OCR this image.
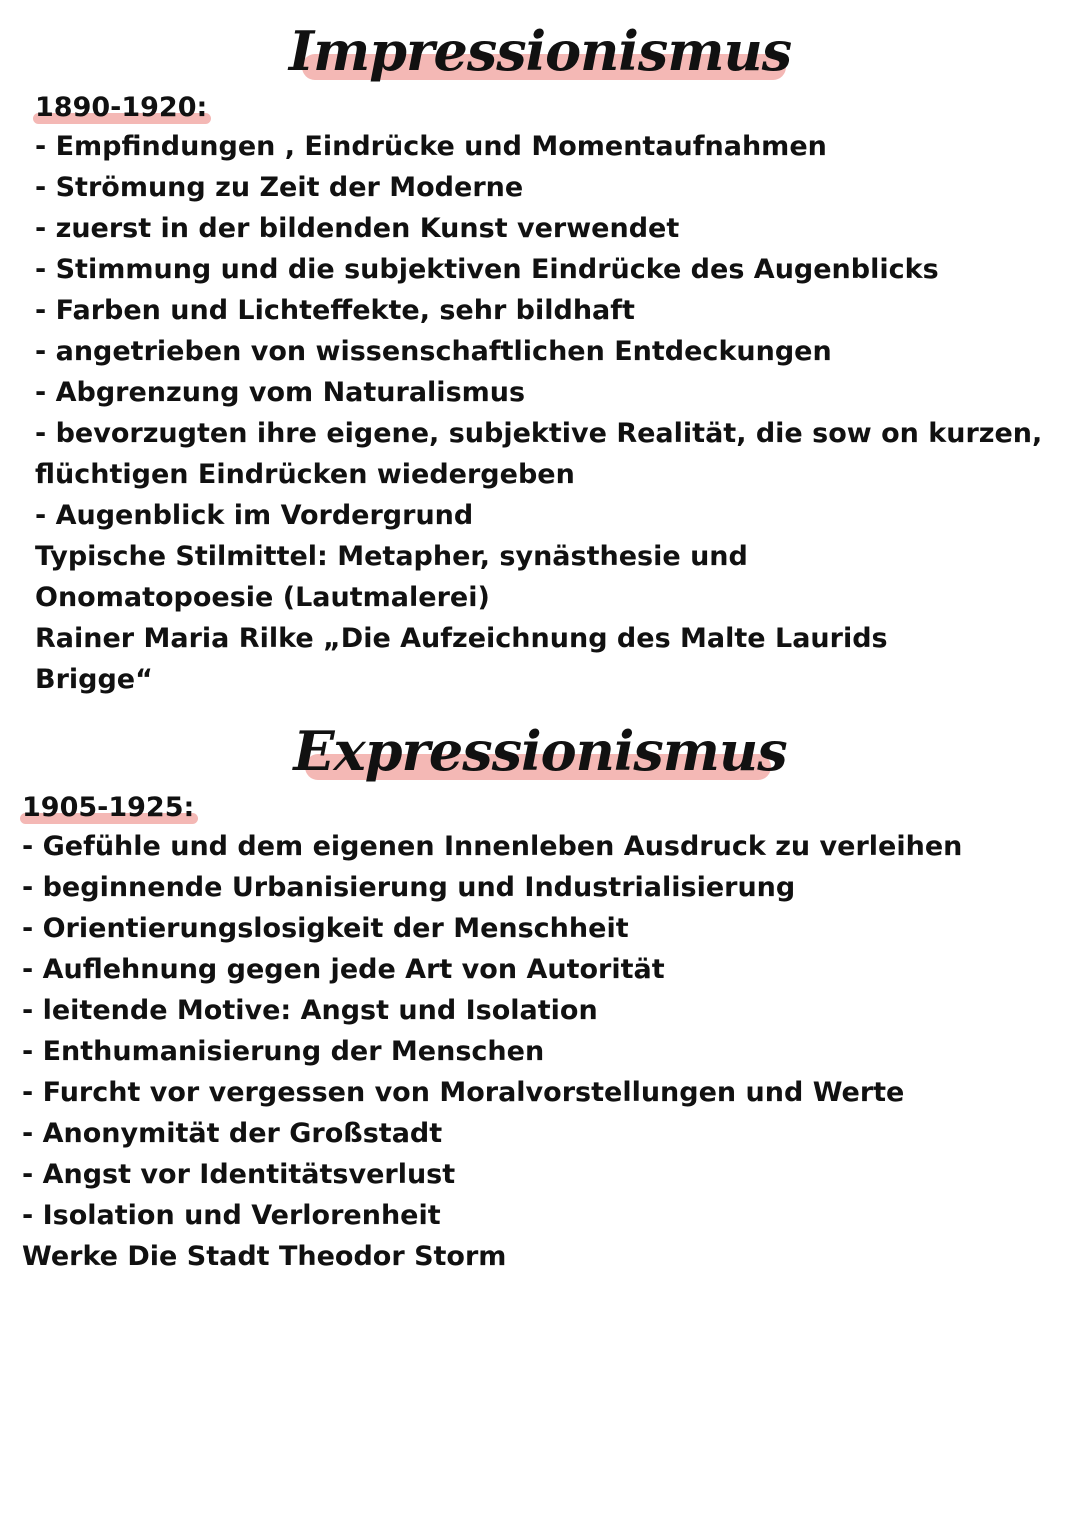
Impressionismus
1890-1920:
- Empfindungen , Eindrücke und Momentaufnahmen
- Strömung zu Zeit der Moderne
- zuerst in der bildenden Kunst verwendet
- Stimmung und die subjektiven Eindrücke des Augenblicks
- Farben und Lichteffekte, sehr bildhaft
- angetrieben von wissenschaftlichen Entdeckungen
- Abgrenzung vom Naturalismus
- bevorzugten ihre eigene, subjektive Realität, die sow on kurzen, flüchtigen Eindrücken wiedergeben
- Augenblick im Vordergrund
Typische Stilmittel: Metapher, synästhesie und Onomatopoesie (Lautmalerei)
Rainer Maria Rilke „Die Aufzeichnung des Malte Laurids Brigge“
Expressionismus
1905-1925:
- Gefühle und dem eigenen Innenleben Ausdruck zu verleihen
- beginnende Urbanisierung und Industrialisierung
- Orientierungslosigkeit der Menschheit
- Auflehnung gegen jede Art von Autorität
- leitende Motive: Angst und Isolation
- Enthumanisierung der Menschen
- Furcht vor vergessen von Moralvorstellungen und Werte
- Anonymität der Großstadt
- Angst vor Identitätsverlust
- Isolation und Verlorenheit
Werke Die Stadt Theodor Storm
